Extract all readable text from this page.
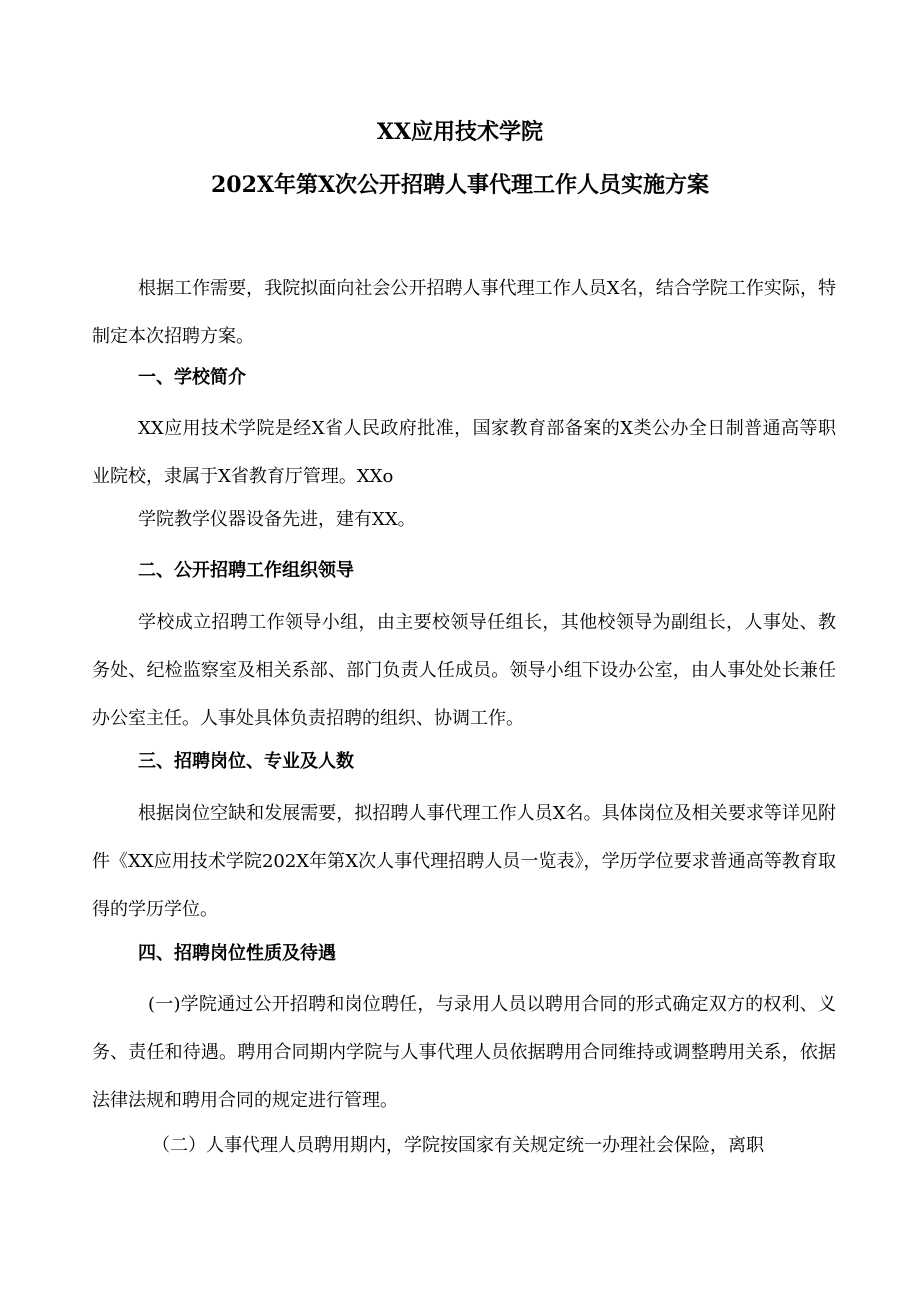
XX应用技术学院
202X年第X次公开招聘人事代理工作人员实施方案
根据工作需要，我院拟面向社会公开招聘人事代理工作人员X名，结合学院工作实际，特制定本次招聘方案。
一、学校简介
XX应用技术学院是经X省人民政府批准，国家教育部备案的X类公办全日制普通高等职业院校，隶属于X省教育厅管理。XXo
学院教学仪器设备先进，建有XX。
二、公开招聘工作组织领导
学校成立招聘工作领导小组，由主要校领导任组长，其他校领导为副组长，人事处、教务处、纪检监察室及相关系部、部门负责人任成员。领导小组下设办公室，由人事处处长兼任办公室主任。人事处具体负责招聘的组织、协调工作。
三、招聘岗位、专业及人数
根据岗位空缺和发展需要，拟招聘人事代理工作人员X名。具体岗位及相关要求等详见附件《XX应用技术学院202X年第X次人事代理招聘人员一览表》，学历学位要求普通高等教育取得的学历学位。
四、招聘岗位性质及待遇
(一)学院通过公开招聘和岗位聘任，与录用人员以聘用合同的形式确定双方的权利、义务、责任和待遇。聘用合同期内学院与人事代理人员依据聘用合同维持或调整聘用关系，依据法律法规和聘用合同的规定进行管理。
（二）人事代理人员聘用期内，学院按国家有关规定统一办理社会保险，离职
